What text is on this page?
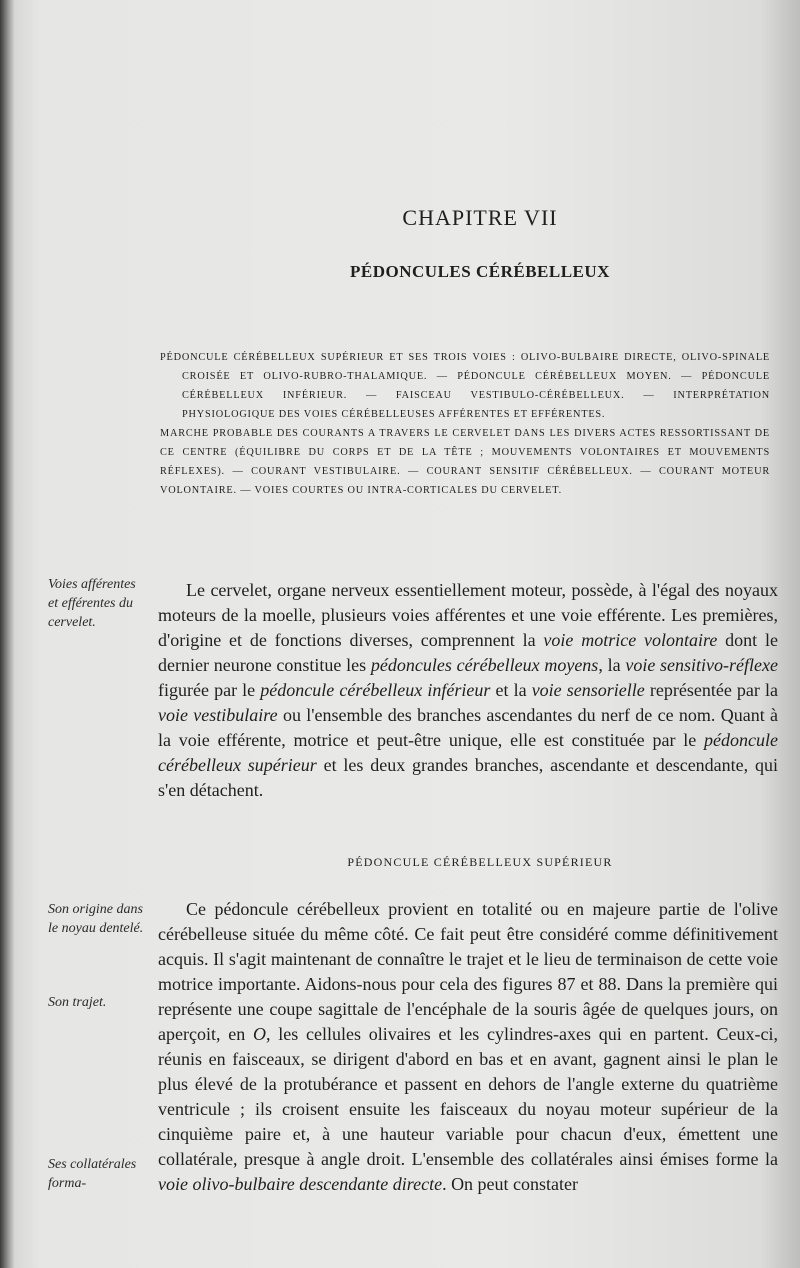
CHAPITRE VII
PÉDONCULES CÉRÉBELLEUX

PÉDONCULE CÉRÉBELLEUX SUPÉRIEUR ET SES TROIS VOIES : OLIVO-BULBAIRE DIRECTE, OLIVO-SPINALE CROISÉE ET OLIVO-RUBRO-THALAMIQUE. — PÉDONCULE CÉRÉBELLEUX MOYEN. — PÉDONCULE CÉRÉBELLEUX INFÉRIEUR. — FAISCEAU VESTIBULO-CÉRÉBELLEUX. — INTERPRÉTATION PHYSIOLOGIQUE DES VOIES CÉRÉBELLEUSES AFFÉRENTES ET EFFÉRENTES.

MARCHE PROBABLE DES COURANTS A TRAVERS LE CERVELET DANS LES DIVERS ACTES RESSORTISSANT DE CE CENTRE (ÉQUILIBRE DU CORPS ET DE LA TÊTE ; MOUVEMENTS VOLONTAIRES ET MOUVEMENTS RÉFLEXES). — COURANT VESTIBULAIRE. — COURANT SENSITIF CÉRÉBELLEUX. — COURANT MOTEUR VOLONTAIRE. — VOIES COURTES OU INTRA-CORTICALES DU CERVELET.

Voies afférentes et efférentes du cervelet.

Le cervelet, organe nerveux essentiellement moteur, possède, à l'égal des noyaux moteurs de la moelle, plusieurs voies afférentes et une voie efférente. Les premières, d'origine et de fonctions diverses, comprennent la voie motrice volontaire dont le dernier neurone constitue les pédoncules cérébelleux moyens, la voie sensitivo-réflexe figurée par le pédoncule cérébelleux inférieur et la voie sensorielle représentée par la voie vestibulaire ou l'ensemble des branches ascendantes du nerf de ce nom. Quant à la voie efférente, motrice et peut-être unique, elle est constituée par le pédoncule cérébelleux supérieur et les deux grandes branches, ascendante et descendante, qui s'en détachent.

PÉDONCULE CÉRÉBELLEUX SUPÉRIEUR
Son origine dans le noyau dentelé.
Son trajet.
Ses collatérales forma-

Ce pédoncule cérébelleux provient en totalité ou en majeure partie de l'olive cérébelleuse située du même côté. Ce fait peut être considéré comme définitivement acquis. Il s'agit maintenant de connaître le trajet et le lieu de terminaison de cette voie motrice importante. Aidons-nous pour cela des figures 87 et 88. Dans la première qui représente une coupe sagittale de l'encéphale de la souris âgée de quelques jours, on aperçoit, en O, les cellules olivaires et les cylindres-axes qui en partent. Ceux-ci, réunis en faisceaux, se dirigent d'abord en bas et en avant, gagnent ainsi le plan le plus élevé de la protubérance et passent en dehors de l'angle externe du quatrième ventricule ; ils croisent ensuite les faisceaux du noyau moteur supérieur de la cinquième paire et, à une hauteur variable pour chacun d'eux, émettent une collatérale, presque à angle droit. L'ensemble des collatérales ainsi émises forme la voie olivo-bulbaire descendante directe. On peut constater
